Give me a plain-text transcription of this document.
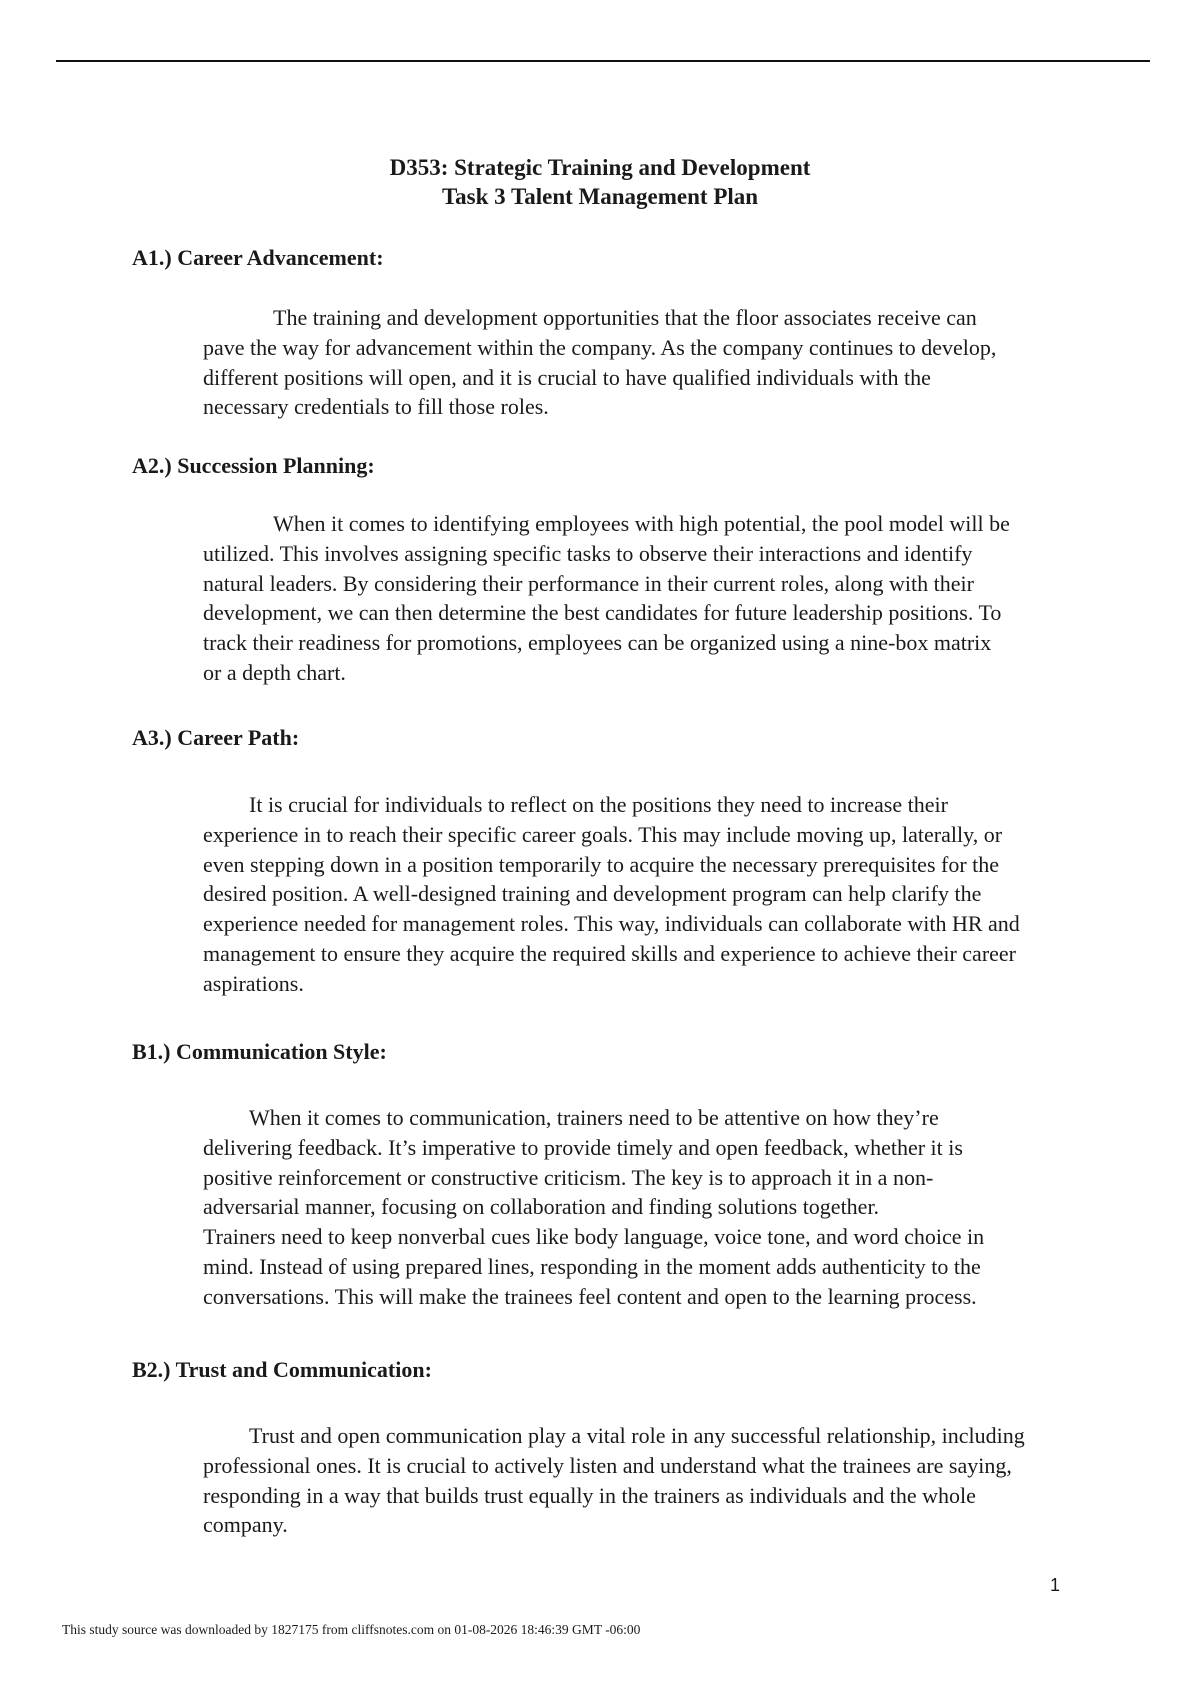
D353: Strategic Training and Development
Task 3 Talent Management Plan
A1.) Career Advancement:

The training and development opportunities that the floor associates receive can
pave the way for advancement within the company. As the company continues to develop,
different positions will open, and it is crucial to have qualified individuals with the
necessary credentials to fill those roles.

A2.) Succession Planning:

When it comes to identifying employees with high potential, the pool model will be
utilized. This involves assigning specific tasks to observe their interactions and identify
natural leaders. By considering their performance in their current roles, along with their
development, we can then determine the best candidates for future leadership positions. To
track their readiness for promotions, employees can be organized using a nine-box matrix
or a depth chart.

A3.) Career Path:

It is crucial for individuals to reflect on the positions they need to increase their
experience in to reach their specific career goals. This may include moving up, laterally, or
even stepping down in a position temporarily to acquire the necessary prerequisites for the
desired position. A well-designed training and development program can help clarify the
experience needed for management roles. This way, individuals can collaborate with HR and
management to ensure they acquire the required skills and experience to achieve their career
aspirations.

B1.) Communication Style:

When it comes to communication, trainers need to be attentive on how they’re
delivering feedback. It’s imperative to provide timely and open feedback, whether it is
positive reinforcement or constructive criticism. The key is to approach it in a non-
adversarial manner, focusing on collaboration and finding solutions together.
Trainers need to keep nonverbal cues like body language, voice tone, and word choice in
mind. Instead of using prepared lines, responding in the moment adds authenticity to the
conversations. This will make the trainees feel content and open to the learning process.

B2.) Trust and Communication:

Trust and open communication play a vital role in any successful relationship, including
professional ones. It is crucial to actively listen and understand what the trainees are saying,
responding in a way that builds trust equally in the trainers as individuals and the whole
company.

1
This study source was downloaded by 1827175 from cliffsnotes.com on 01-08-2026 18:46:39 GMT -06:00
